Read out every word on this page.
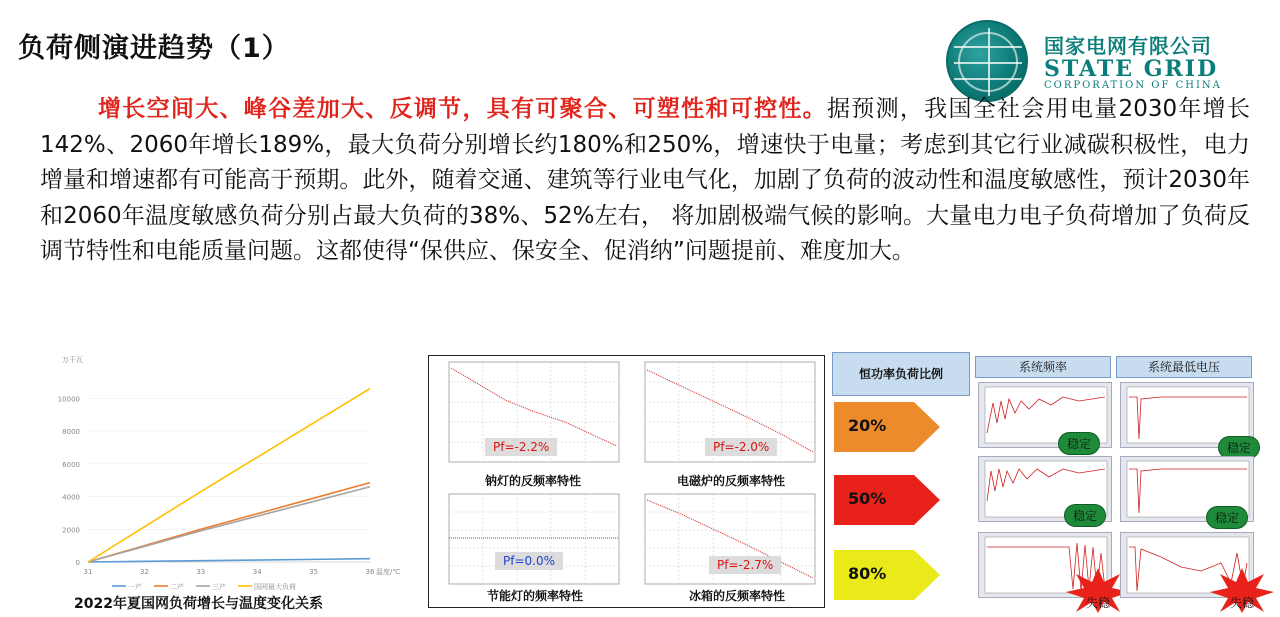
负荷侧演进趋势（1）	国家电网有限公司
STATE GRID
CORPORATION OF CHINA
增长空间大、峰谷差加大、反调节，具有可聚合、可塑性和可控性。据预测，我国全社会用电量2030年增长142%、2060年增长189%，最大负荷分别增长约180%和250%，增速快于电量；考虑到其它行业减碳积极性，电力增量和增速都有可能高于预期。此外，随着交通、建筑等行业电气化，加剧了负荷的波动性和温度敏感性，预计2030年和2060年温度敏感负荷分别占最大负荷的38%、52%左右， 将加剧极端气候的影响。大量电力电子负荷增加了负荷反调节特性和电能质量问题。这都使得“保供应、保安全、促消纳”问题提前、难度加大。
万千瓦
0
2000
4000
6000
8000
10000
31	32	33	34	35	36 温度/℃
一产	二产	三产	国网最大负荷
2022年夏国网负荷增长与温度变化关系
Pf=-2.2%
钠灯的反频率特性
Pf=-2.0%
电磁炉的反频率特性
Pf=0.0%
节能灯的频率特性
Pf=-2.7%
冰箱的反频率特性
恒功率负荷比例	系统频率	系统最低电压
20%
50%
80%
稳定	稳定
稳定	稳定
失稳	失稳
